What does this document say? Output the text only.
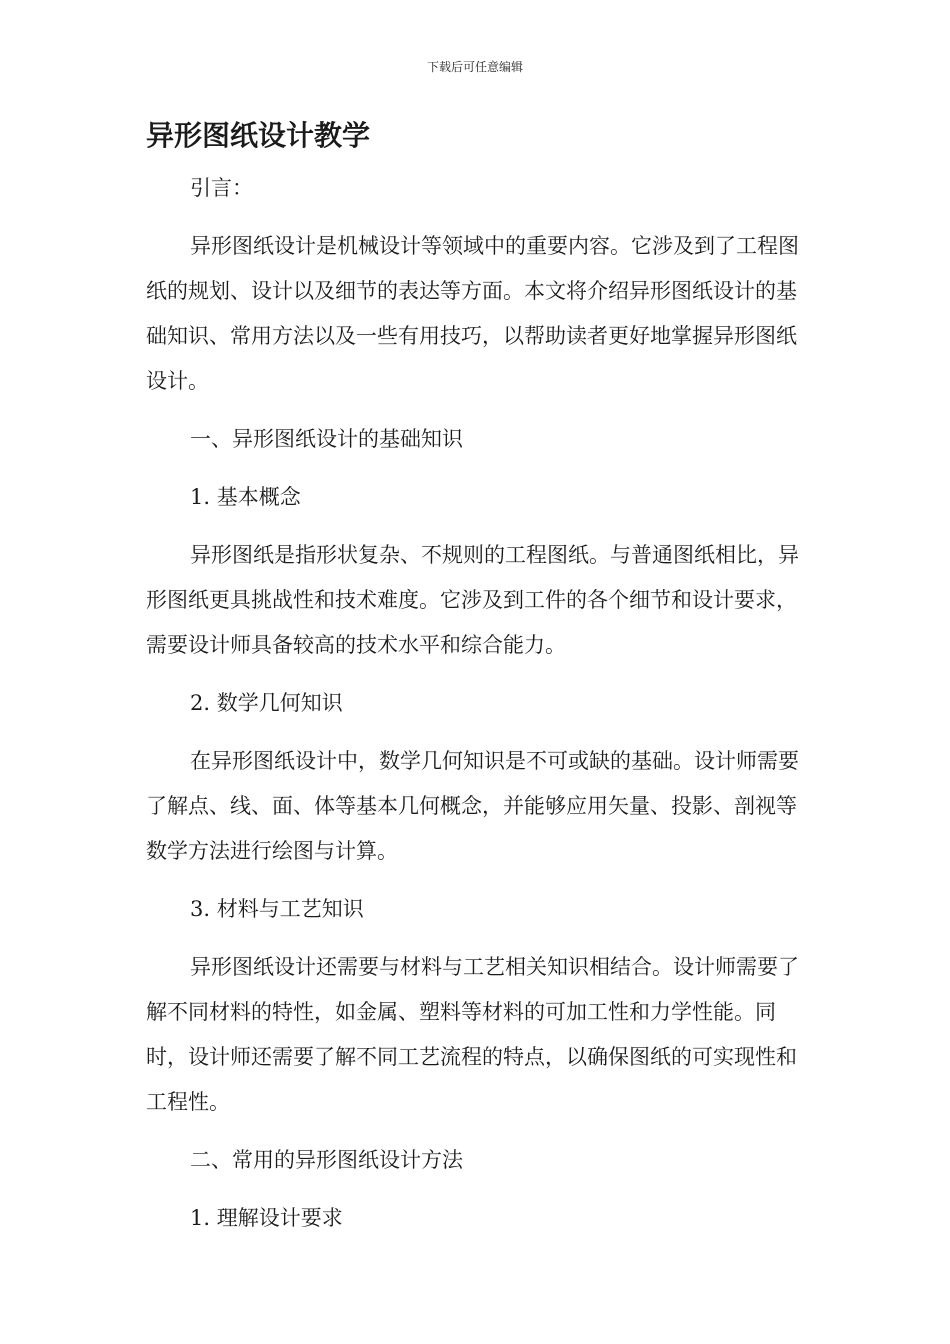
下载后可任意编辑
异形图纸设计教学

引言：

异形图纸设计是机械设计等领域中的重要内容。它涉及到了工程图纸的规划、设计以及细节的表达等方面。本文将介绍异形图纸设计的基础知识、常用方法以及一些有用技巧，以帮助读者更好地掌握异形图纸设计。

一、异形图纸设计的基础知识

1. 基本概念

异形图纸是指形状复杂、不规则的工程图纸。与普通图纸相比，异形图纸更具挑战性和技术难度。它涉及到工件的各个细节和设计要求，需要设计师具备较高的技术水平和综合能力。

2. 数学几何知识

在异形图纸设计中，数学几何知识是不可或缺的基础。设计师需要了解点、线、面、体等基本几何概念，并能够应用矢量、投影、剖视等数学方法进行绘图与计算。

3. 材料与工艺知识

异形图纸设计还需要与材料与工艺相关知识相结合。设计师需要了解不同材料的特性，如金属、塑料等材料的可加工性和力学性能。同时，设计师还需要了解不同工艺流程的特点，以确保图纸的可实现性和工程性。

二、常用的异形图纸设计方法

1. 理解设计要求
